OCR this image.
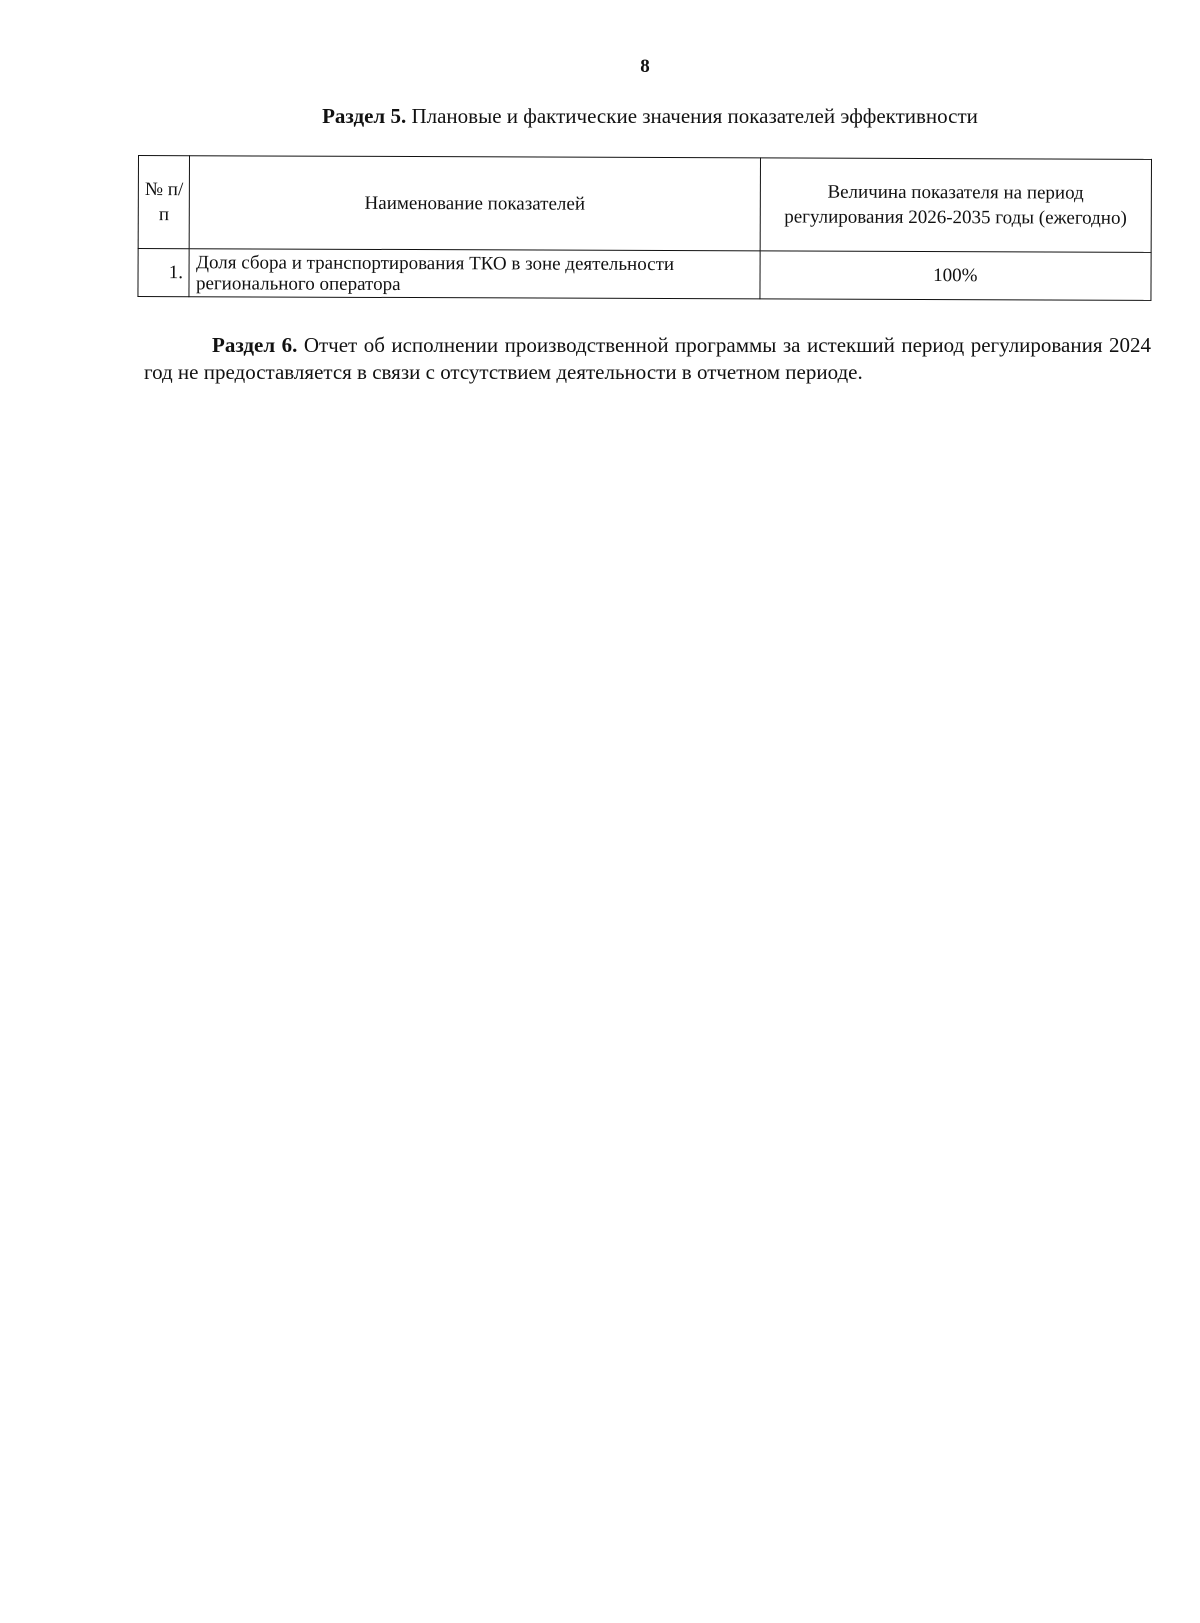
8
Раздел 5. Плановые и фактические значения показателей эффективности
№ п/п	Наименование показателей	Величина показателя на период регулирования 2026-2035 годы (ежегодно)
1.	Доля сбора и транспортирования ТКО в зоне деятельности регионального оператора	100%

Раздел 6. Отчет об исполнении производственной программы за истекший период регулирования 2024 год не предоставляется в связи с отсутствием деятельности в отчетном периоде.
